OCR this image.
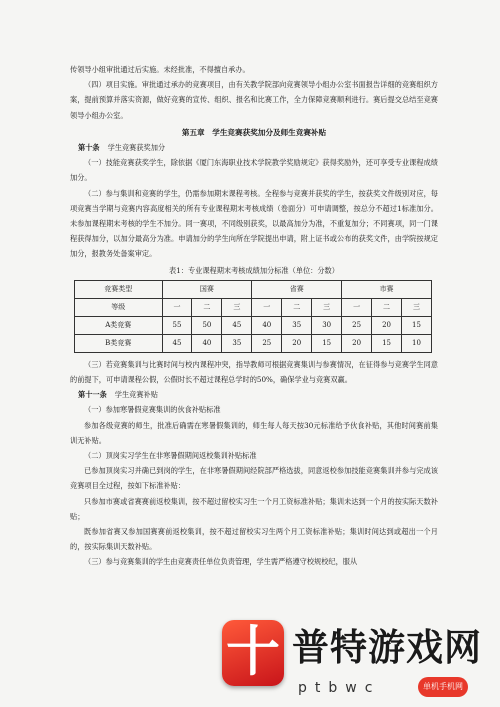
传领导小组审批通过后实施。未经批准，不得擅自承办。

（四）项目实施。审批通过承办的竞赛项目，由有关教学院部向竞赛领导小组办公室书面报告详细的竞赛组织方案，提前预算并落实资源，做好竞赛的宣传、组织、报名和比赛工作，全力保障竞赛顺利进行。赛后提交总结至竞赛领导小组办公室。

第五章　学生竞赛获奖加分及师生竞赛补贴

第十条 学生竞赛获奖加分

（一）技能竞赛获奖学生，除依据《厦门东海职业技术学院教学奖励规定》获得奖励外，还可享受专业课程成绩加分。

（二）参与集训和竞赛的学生，仍需参加期末课程考核。全程参与竞赛并获奖的学生，按获奖文件级别对应，每项竞赛当学期与竞赛内容高度相关的所有专业课程期末考核成绩（卷面分）可申请调整，按总分不超过1标准加分。未参加课程期末考核的学生不加分。同一赛项，不同级别获奖，以最高加分为准，不重复加分；不同赛项，同一门课程获得加分，以加分最高分为准。申请加分的学生向所在学院提出申请，附上证书或公布的获奖文件，由学院按规定加分，报教务处备案审定。

表1：专业课程期末考核成绩加分标准（单位：分数）

竞赛类型	国赛			省赛			市赛		
等级	一	二	三	一	二	三	一	二	三
A类竞赛	55	50	45	40	35	30	25	20	15
B类竞赛	45	40	35	25	20	15	20	15	10

（三）若竞赛集训与比赛时间与校内课程冲突，指导教师可根据竞赛集训与参赛情况，在征得参与竞赛学生同意的前提下，可申请课程公假，公假时长不超过课程总学时的50%，确保学业与竞赛双赢。

第十一条 学生竞赛补贴

（一）参加寒暑假竞赛集训的伙食补贴标准

参加各级竞赛的师生，批准后确需在寒暑假集训的，师生每人每天按30元标准给予伙食补贴，其他时间赛前集训无补贴。

（二）顶岗实习学生在非寒暑假期间返校集训补贴标准

已参加顶岗实习并确已到岗的学生，在非寒暑假期间经院部严格选拔，同意返校参加技能竞赛集训并参与完成该竞赛项目全过程，按如下标准补贴：

只参加市赛或省赛赛前返校集训，按不超过留校实习生一个月工资标准补贴；集训未达到一个月的按实际天数补贴；

既参加省赛又参加国赛赛前返校集训，按不超过留校实习生两个月工资标准补贴；集训时间达到或超出一个月的，按实际集训天数补贴。

（三）参与竞赛集训的学生由竞赛责任单位负责管理，学生需严格遵守校规校纪，服从

十 普特游戏网
ptbwc	单机手机网
